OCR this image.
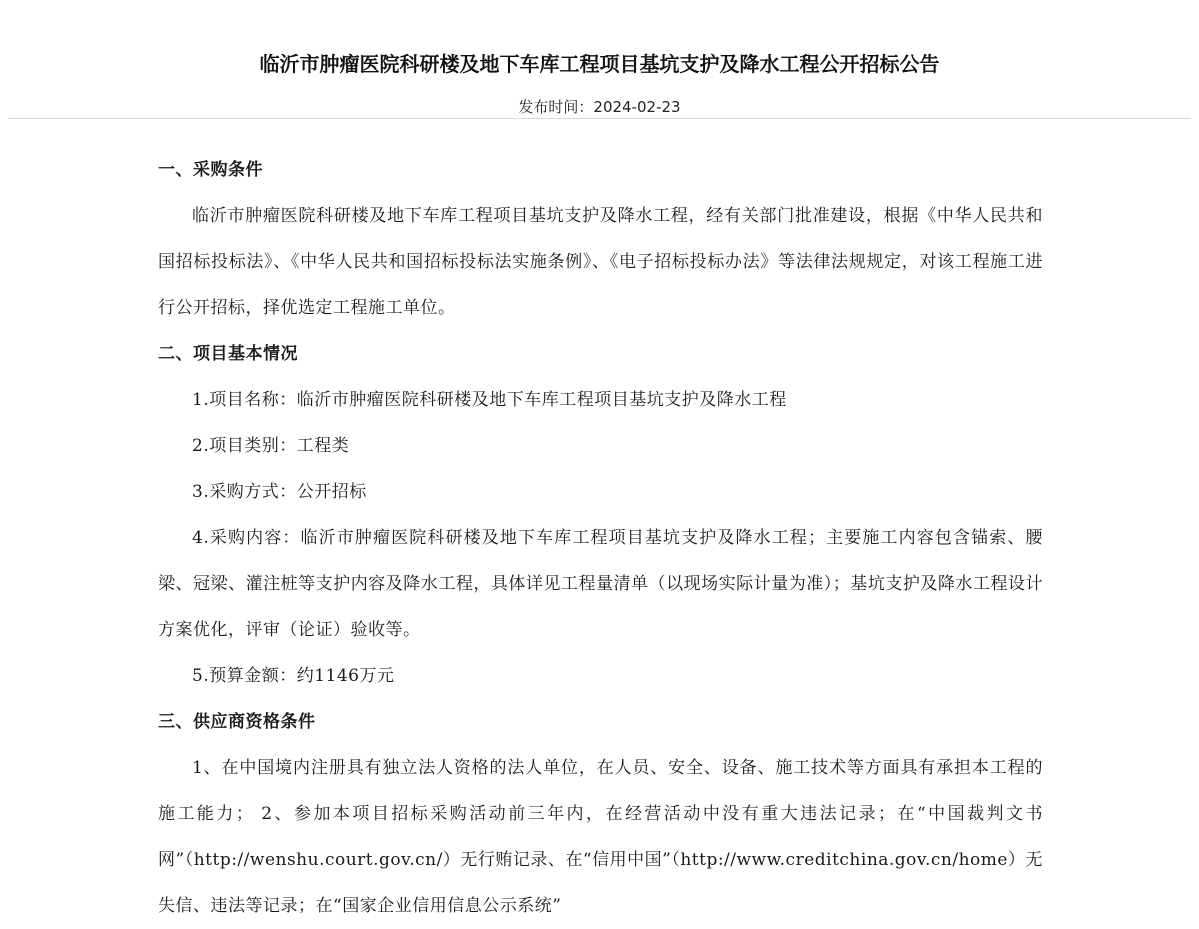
临沂市肿瘤医院科研楼及地下车库工程项目基坑支护及降水工程公开招标公告
发布时间：2024-02-23

一、采购条件

临沂市肿瘤医院科研楼及地下车库工程项目基坑支护及降水工程，经有关部门批准建设，根据《中华人民共和国招标投标法》、《中华人民共和国招标投标法实施条例》、《电子招标投标办法》等法律法规规定，对该工程施工进行公开招标，择优选定工程施工单位。

二、项目基本情况

1.项目名称：临沂市肿瘤医院科研楼及地下车库工程项目基坑支护及降水工程

2.项目类别：工程类

3.采购方式：公开招标

4.采购内容：临沂市肿瘤医院科研楼及地下车库工程项目基坑支护及降水工程；主要施工内容包含锚索、腰梁、冠梁、灌注桩等支护内容及降水工程，具体详见工程量清单（以现场实际计量为准）；基坑支护及降水工程设计方案优化，评审（论证）验收等。

5.预算金额：约1146万元

三、供应商资格条件

1、在中国境内注册具有独立法人资格的法人单位，在人员、安全、设备、施工技术等方面具有承担本工程的施工能力； 2、参加本项目招标采购活动前三年内，在经营活动中没有重大违法记录；在“中国裁判文书网”（http://wenshu.court.gov.cn/）无行贿记录、在“信用中国”（http://www.creditchina.gov.cn/home）无失信、违法等记录；在“国家企业信用信息公示系统”
